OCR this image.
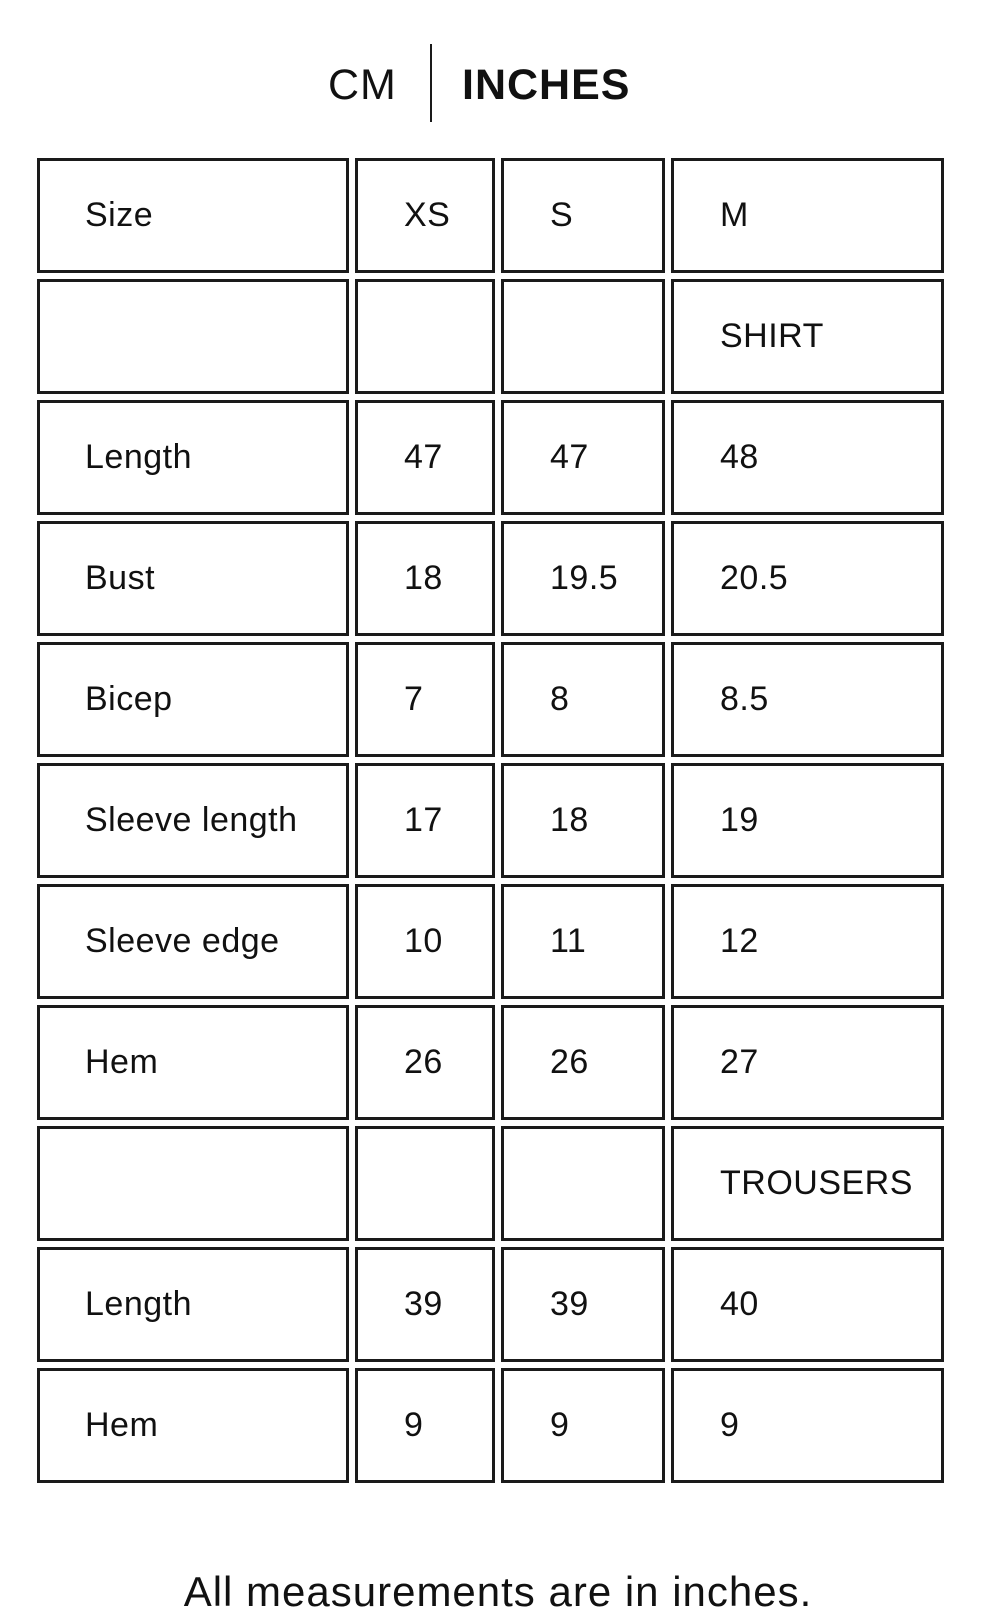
CM INCHES
Size	XS	S	M
			SHIRT
Length	47	47	48
Bust	18	19.5	20.5
Bicep	7	8	8.5
Sleeve length	17	18	19
Sleeve edge	10	11	12
Hem	26	26	27
			TROUSERS
Length	39	39	40
Hem	9	9	9
All measurements are in inches.
